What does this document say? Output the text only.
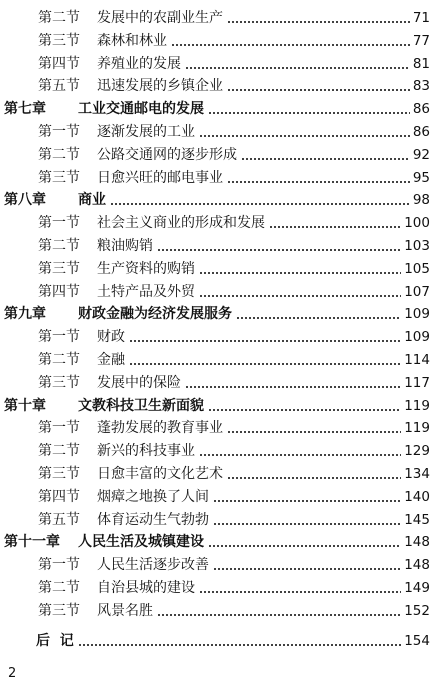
第二节 发展中的农副业生产	71
第三节 森林和林业	77
第四节 养殖业的发展	81
第五节 迅速发展的乡镇企业	83
第七章 工业交通邮电的发展	86
第一节 逐渐发展的工业	86
第二节 公路交通网的逐步形成	92
第三节 日愈兴旺的邮电事业	95
第八章 商业	98
第一节 社会主义商业的形成和发展	100
第二节 粮油购销	103
第三节 生产资料的购销	105
第四节 土特产品及外贸	107
第九章 财政金融为经济发展服务	109
第一节 财政	109
第二节 金融	114
第三节 发展中的保险	117
第十章 文教科技卫生新面貌	119
第一节 蓬勃发展的教育事业	119
第二节 新兴的科技事业	129
第三节 日愈丰富的文化艺术	134
第四节 烟瘴之地换了人间	140
第五节 体育运动生气勃勃	145
第十一章 人民生活及城镇建设	148
第一节 人民生活逐步改善	148
第二节 自治县城的建设	149
第三节 风景名胜	152
后  记	154
2
